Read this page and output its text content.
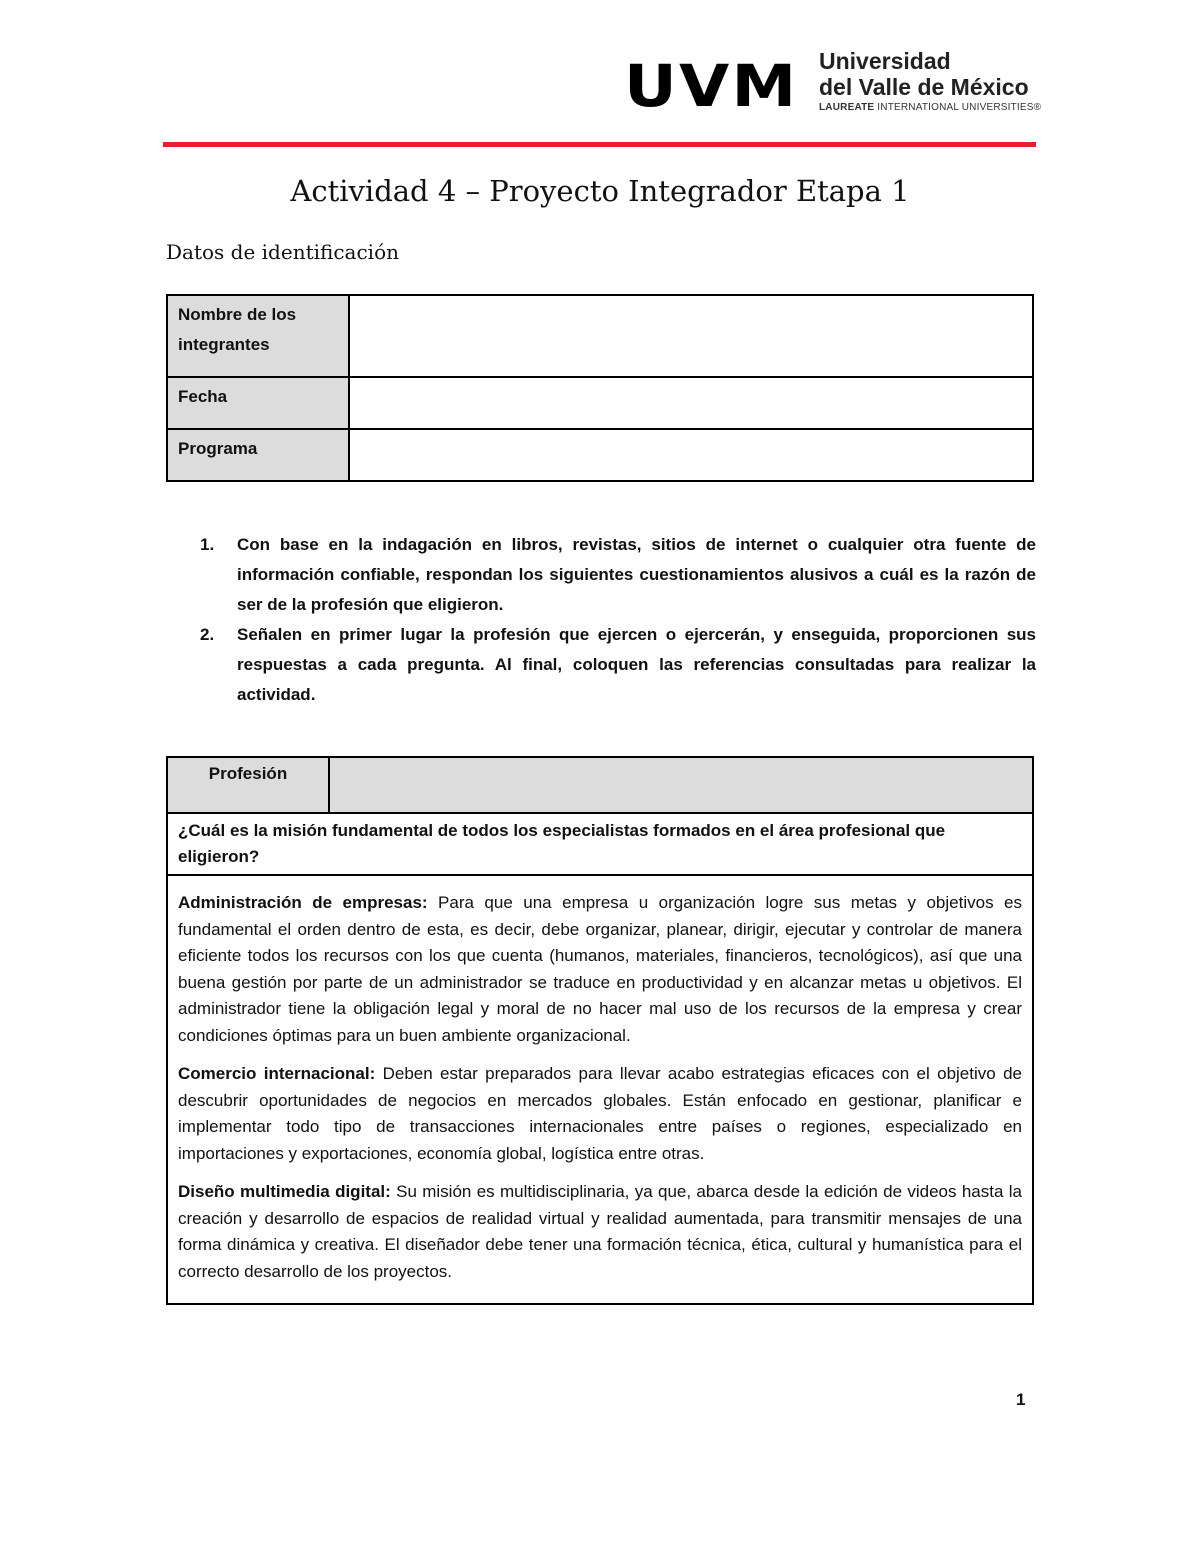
UVM Universidad
del Valle de México
LAUREATE INTERNATIONAL UNIVERSITIES®
Actividad 4 – Proyecto Integrador Etapa 1
Datos de identificación
Nombre de los integrantes	
Fecha	
Programa	
1. Con base en la indagación en libros, revistas, sitios de internet o cualquier otra fuente de información confiable, respondan los siguientes cuestionamientos alusivos a cuál es la razón de ser de la profesión que eligieron.
2. Señalen en primer lugar la profesión que ejercen o ejercerán, y enseguida, proporcionen sus respuestas a cada pregunta. Al final, coloquen las referencias consultadas para realizar la actividad.
Profesión	
¿Cuál es la misión fundamental de todos los especialistas formados en el área profesional que eligieron?

Administración de empresas: Para que una empresa u organización logre sus metas y objetivos es fundamental el orden dentro de esta, es decir, debe organizar, planear, dirigir, ejecutar y controlar de manera eficiente todos los recursos con los que cuenta (humanos, materiales, financieros, tecnológicos), así que una buena gestión por parte de un administrador se traduce en productividad y en alcanzar metas u objetivos. El administrador tiene la obligación legal y moral de no hacer mal uso de los recursos de la empresa y crear condiciones óptimas para un buen ambiente organizacional.

Comercio internacional: Deben estar preparados para llevar acabo estrategias eficaces con el objetivo de descubrir oportunidades de negocios en mercados globales. Están enfocado en gestionar, planificar e implementar todo tipo de transacciones internacionales entre países o regiones, especializado en importaciones y exportaciones, economía global, logística entre otras.

Diseño multimedia digital: Su misión es multidisciplinaria, ya que, abarca desde la edición de videos hasta la creación y desarrollo de espacios de realidad virtual y realidad aumentada, para transmitir mensajes de una forma dinámica y creativa. El diseñador debe tener una formación técnica, ética, cultural y humanística para el correcto desarrollo de los proyectos.

1
